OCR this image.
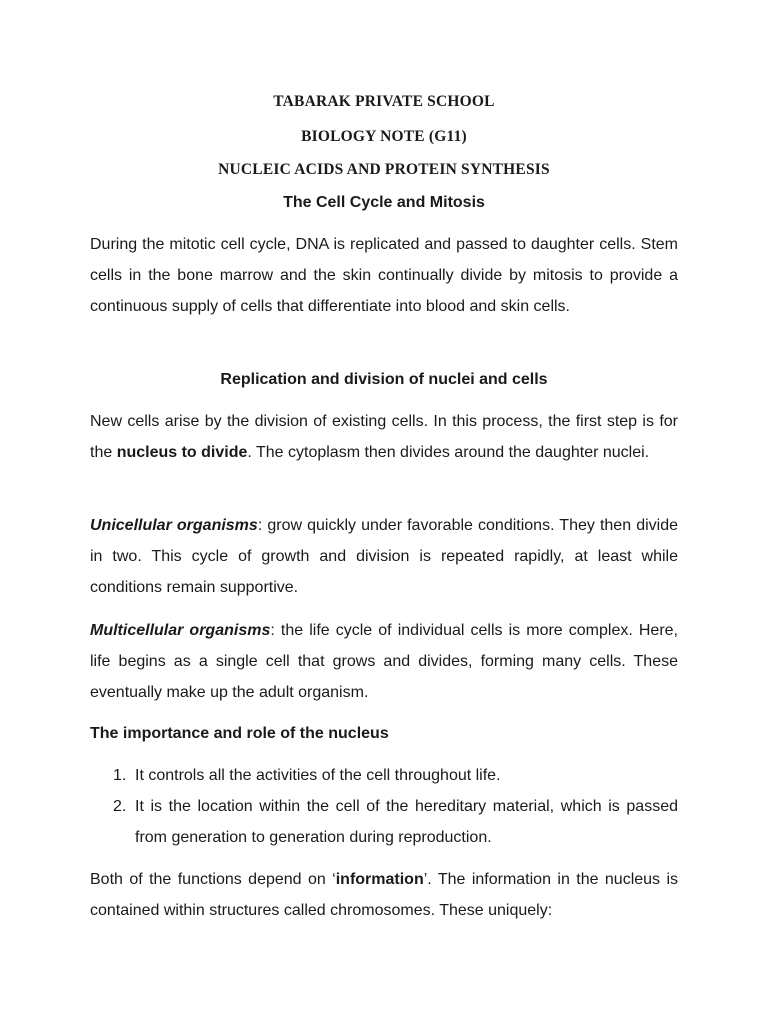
TABARAK PRIVATE SCHOOL
BIOLOGY NOTE (G11)
NUCLEIC ACIDS AND PROTEIN SYNTHESIS
The Cell Cycle and Mitosis
During the mitotic cell cycle, DNA is replicated and passed to daughter cells. Stem cells in the bone marrow and the skin continually divide by mitosis to provide a continuous supply of cells that differentiate into blood and skin cells.
Replication and division of nuclei and cells
New cells arise by the division of existing cells. In this process, the first step is for the nucleus to divide. The cytoplasm then divides around the daughter nuclei.
Unicellular organisms: grow quickly under favorable conditions. They then divide in two. This cycle of growth and division is repeated rapidly, at least while conditions remain supportive.
Multicellular organisms: the life cycle of individual cells is more complex. Here, life begins as a single cell that grows and divides, forming many cells. These eventually make up the adult organism.
The importance and role of the nucleus
1. It controls all the activities of the cell throughout life.
2. It is the location within the cell of the hereditary material, which is passed from generation to generation during reproduction.
Both of the functions depend on ‘information’. The information in the nucleus is contained within structures called chromosomes. These uniquely:
